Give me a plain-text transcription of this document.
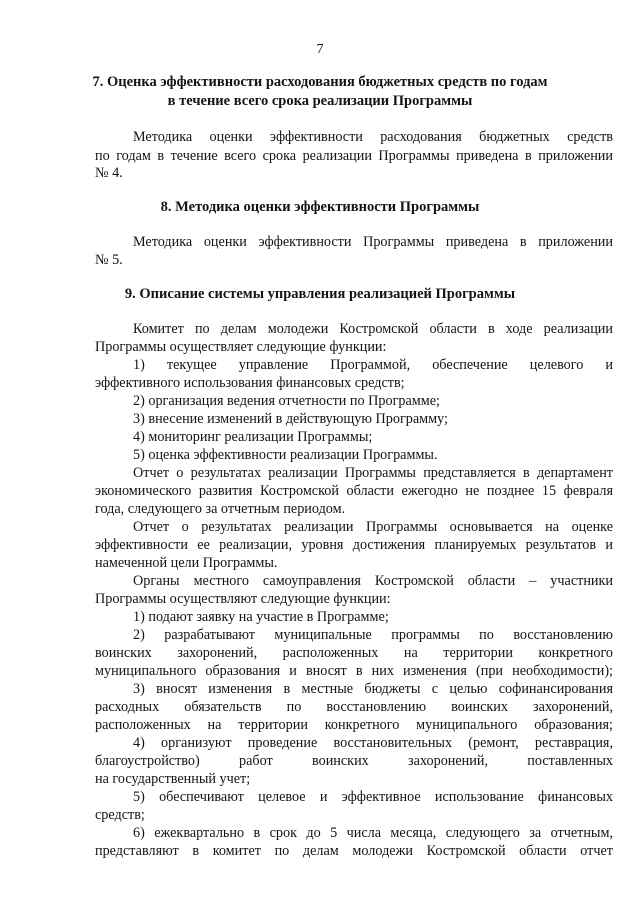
7
7. Оценка эффективности расходования бюджетных средств по годам
в течение всего срока реализации Программы
Методика оценки эффективности расходования бюджетных средств
по годам в течение всего срока реализации Программы приведена в приложении
№ 4.
8. Методика оценки эффективности Программы
Методика оценки эффективности Программы приведена в приложении
№ 5.
9. Описание системы управления реализацией Программы
Комитет по делам молодежи Костромской области в ходе реализации
Программы осуществляет следующие функции:
1) текущее управление Программой, обеспечение целевого и
эффективного использования финансовых средств;
2) организация ведения отчетности по Программе;
3) внесение изменений в действующую Программу;
4) мониторинг реализации Программы;
5) оценка эффективности реализации Программы.
Отчет о результатах реализации Программы представляется в департамент
экономического развития Костромской области ежегодно не позднее 15 февраля
года, следующего за отчетным периодом.
Отчет о результатах реализации Программы основывается на оценке
эффективности ее реализации, уровня достижения планируемых результатов и
намеченной цели Программы.
Органы местного самоуправления Костромской области – участники
Программы осуществляют следующие функции:
1) подают заявку на участие в Программе;
2) разрабатывают муниципальные программы по восстановлению
воинских захоронений, расположенных на территории конкретного
муниципального образования и вносят в них изменения (при необходимости);
3) вносят изменения в местные бюджеты с целью софинансирования
расходных обязательств по восстановлению воинских захоронений,
расположенных на территории конкретного муниципального образования;
4) организуют проведение восстановительных (ремонт, реставрация,
благоустройство) работ воинских захоронений, поставленных
на государственный учет;
5) обеспечивают целевое и эффективное использование финансовых
средств;
6) ежеквартально в срок до 5 числа месяца, следующего за отчетным,
представляют в комитет по делам молодежи Костромской области отчет
